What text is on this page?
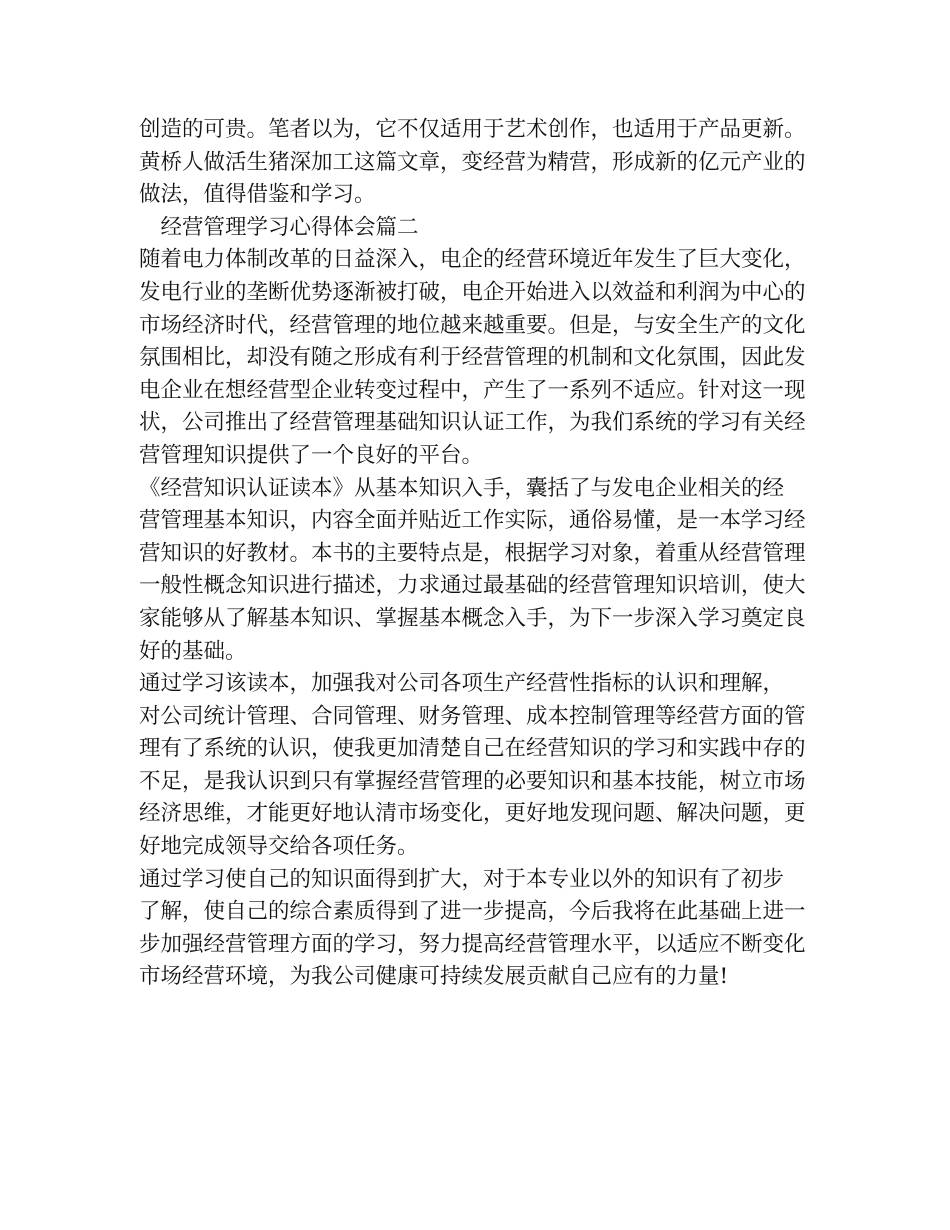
创造的可贵。笔者以为，它不仅适用于艺术创作，也适用于产品更新。
黄桥人做活生猪深加工这篇文章，变经营为精营，形成新的亿元产业的
做法，值得借鉴和学习。
　经营管理学习心得体会篇二
随着电力体制改革的日益深入，电企的经营环境近年发生了巨大变化，
发电行业的垄断优势逐渐被打破，电企开始进入以效益和利润为中心的
市场经济时代，经营管理的地位越来越重要。但是，与安全生产的文化
氛围相比，却没有随之形成有利于经营管理的机制和文化氛围，因此发
电企业在想经营型企业转变过程中，产生了一系列不适应。针对这一现
状，公司推出了经营管理基础知识认证工作，为我们系统的学习有关经
营管理知识提供了一个良好的平台。
《经营知识认证读本》从基本知识入手，囊括了与发电企业相关的经
营管理基本知识，内容全面并贴近工作实际，通俗易懂，是一本学习经
营知识的好教材。本书的主要特点是，根据学习对象，着重从经营管理
一般性概念知识进行描述，力求通过最基础的经营管理知识培训，使大
家能够从了解基本知识、掌握基本概念入手，为下一步深入学习奠定良
好的基础。
通过学习该读本，加强我对公司各项生产经营性指标的认识和理解，
对公司统计管理、合同管理、财务管理、成本控制管理等经营方面的管
理有了系统的认识，使我更加清楚自己在经营知识的学习和实践中存的
不足，是我认识到只有掌握经营管理的必要知识和基本技能，树立市场
经济思维，才能更好地认清市场变化，更好地发现问题、解决问题，更
好地完成领导交给各项任务。
通过学习使自己的知识面得到扩大，对于本专业以外的知识有了初步
了解，使自己的综合素质得到了进一步提高，今后我将在此基础上进一
步加强经营管理方面的学习，努力提高经营管理水平，以适应不断变化
市场经营环境，为我公司健康可持续发展贡献自己应有的力量!
